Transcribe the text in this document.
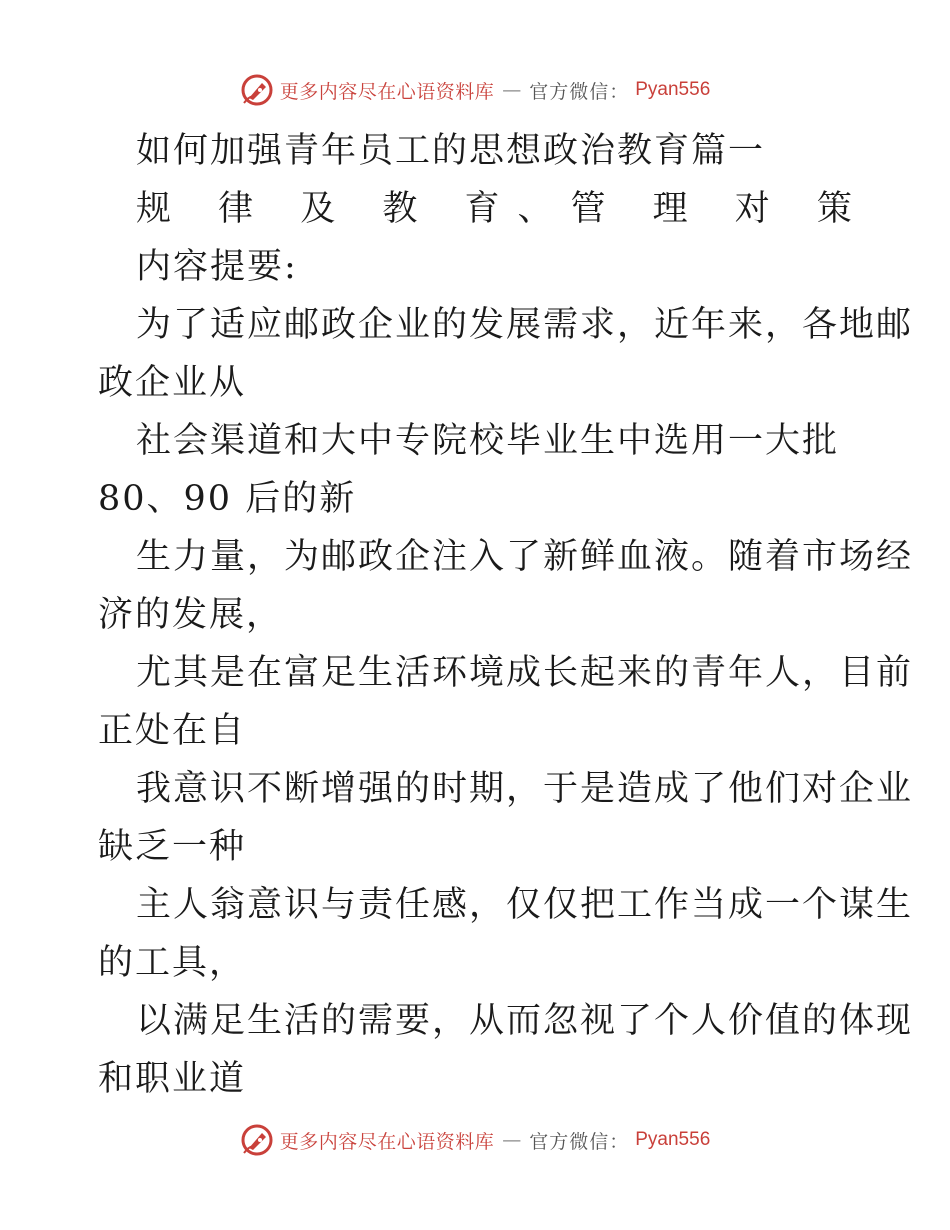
更多内容尽在心语资料库 — 官方微信： Pyan556
如何加强青年员工的思想政治教育篇一
规 律 及 教 育、管 理 对 策
内容提要:
为了适应邮政企业的发展需求，近年来，各地邮
政企业从
社会渠道和大中专院校毕业生中选用一大批
80、90 后的新
生力量，为邮政企注入了新鲜血液。随着市场经
济的发展，
尤其是在富足生活环境成长起来的青年人，目前
正处在自
我意识不断增强的时期，于是造成了他们对企业
缺乏一种
主人翁意识与责任感，仅仅把工作当成一个谋生
的工具，
以满足生活的需要，从而忽视了个人价值的体现
和职业道
更多内容尽在心语资料库 — 官方微信： Pyan556
